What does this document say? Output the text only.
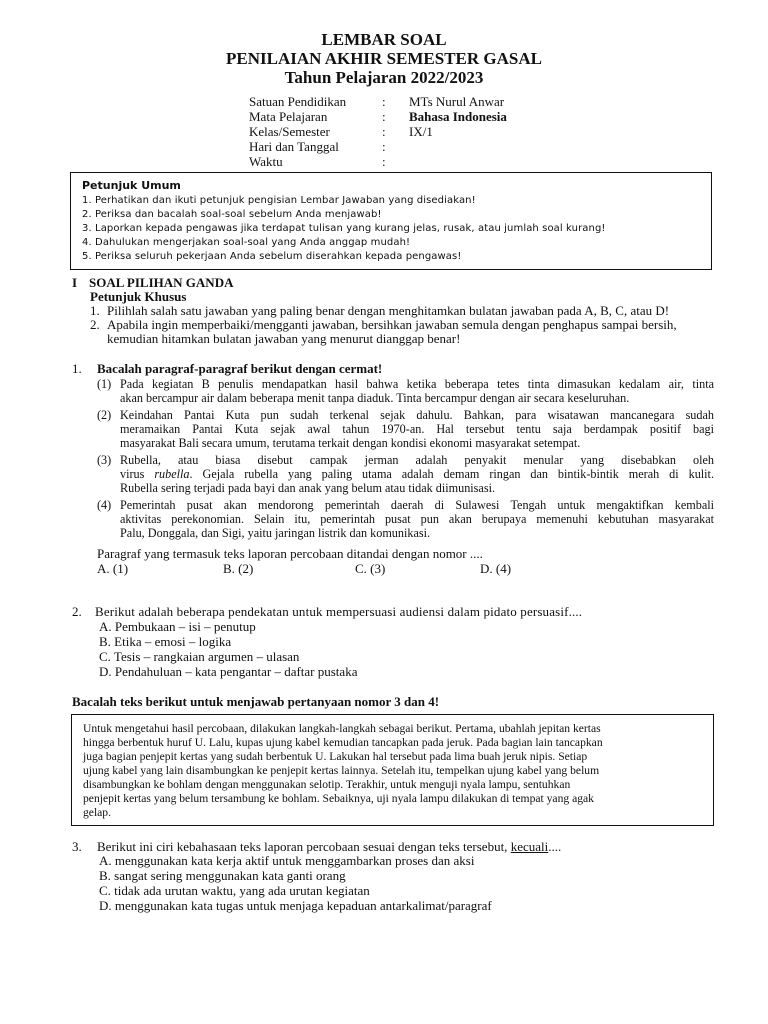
LEMBAR SOAL
PENILAIAN AKHIR SEMESTER GASAL
Tahun Pelajaran 2022/2023
Satuan Pendidikan	: MTs Nurul Anwar
Mata Pelajaran	: Bahasa Indonesia
Kelas/Semester	: IX/1
Hari dan Tanggal	:
Waktu	:
Petunjuk Umum
1. Perhatikan dan ikuti petunjuk pengisian Lembar Jawaban yang disediakan!
2. Periksa dan bacalah soal-soal sebelum Anda menjawab!
3. Laporkan kepada pengawas jika terdapat tulisan yang kurang jelas, rusak, atau jumlah soal kurang!
4. Dahulukan mengerjakan soal-soal yang Anda anggap mudah!
5. Periksa seluruh pekerjaan Anda sebelum diserahkan kepada pengawas!
I SOAL PILIHAN GANDA
Petunjuk Khusus
1. Pilihlah salah satu jawaban yang paling benar dengan menghitamkan bulatan jawaban pada A, B, C, atau D!
2. Apabila ingin memperbaiki/mengganti jawaban, bersihkan jawaban semula dengan penghapus sampai bersih,
kemudian hitamkan bulatan jawaban yang menurut dianggap benar!
1. Bacalah paragraf-paragraf berikut dengan cermat!
(1) Pada kegiatan B penulis mendapatkan hasil bahwa ketika beberapa tetes tinta dimasukan kedalam air, tinta
akan bercampur air dalam beberapa menit tanpa diaduk. Tinta bercampur dengan air secara keseluruhan.
(2) Keindahan Pantai Kuta pun sudah terkenal sejak dahulu. Bahkan, para wisatawan mancanegara sudah
meramaikan Pantai Kuta sejak awal tahun 1970-an. Hal tersebut tentu saja berdampak positif bagi
masyarakat Bali secara umum, terutama terkait dengan kondisi ekonomi masyarakat setempat.
(3) Rubella, atau biasa disebut campak jerman adalah penyakit menular yang disebabkan oleh
virus rubella. Gejala rubella yang paling utama adalah demam ringan dan bintik-bintik merah di kulit.
Rubella sering terjadi pada bayi dan anak yang belum atau tidak diimunisasi.
(4) Pemerintah pusat akan mendorong pemerintah daerah di Sulawesi Tengah untuk mengaktifkan kembali
aktivitas perekonomian. Selain itu, pemerintah pusat pun akan berupaya memenuhi kebutuhan masyarakat
Palu, Donggala, dan Sigi, yaitu jaringan listrik dan komunikasi.
Paragraf yang termasuk teks laporan percobaan ditandai dengan nomor ....
A. (1)	B. (2)	C. (3)	D. (4)
2. Berikut adalah beberapa pendekatan untuk mempersuasi audiensi dalam pidato persuasif....
A. Pembukaan – isi – penutup
B. Etika – emosi – logika
C. Tesis – rangkaian argumen – ulasan
D. Pendahuluan – kata pengantar – daftar pustaka
Bacalah teks berikut untuk menjawab pertanyaan nomor 3 dan 4!
Untuk mengetahui hasil percobaan, dilakukan langkah-langkah sebagai berikut. Pertama, ubahlah jepitan kertas
hingga berbentuk huruf U. Lalu, kupas ujung kabel kemudian tancapkan pada jeruk. Pada bagian lain tancapkan
juga bagian penjepit kertas yang sudah berbentuk U. Lakukan hal tersebut pada lima buah jeruk nipis. Setiap
ujung kabel yang lain disambungkan ke penjepit kertas lainnya. Setelah itu, tempelkan ujung kabel yang belum
disambungkan ke bohlam dengan menggunakan selotip. Terakhir, untuk menguji nyala lampu, sentuhkan
penjepit kertas yang belum tersambung ke bohlam. Sebaiknya, uji nyala lampu dilakukan di tempat yang agak
gelap.
3. Berikut ini ciri kebahasaan teks laporan percobaan sesuai dengan teks tersebut, kecuali....
A. menggunakan kata kerja aktif untuk menggambarkan proses dan aksi
B. sangat sering menggunakan kata ganti orang
C. tidak ada urutan waktu, yang ada urutan kegiatan
D. menggunakan kata tugas untuk menjaga kepaduan antarkalimat/paragraf
